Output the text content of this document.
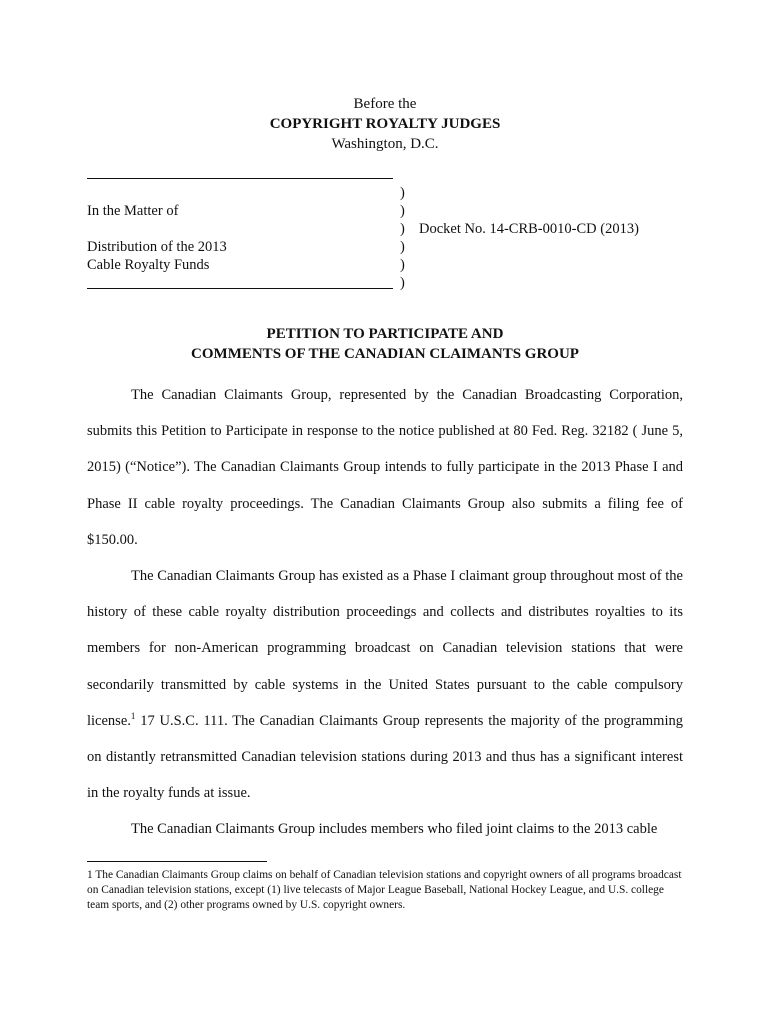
Before the
COPYRIGHT ROYALTY JUDGES
Washington, D.C.
In the Matter of
Distribution of the 2013
Cable Royalty Funds
)
)
)
)
)
)
Docket No. 14-CRB-0010-CD (2013)
PETITION TO PARTICIPATE AND
COMMENTS OF THE CANADIAN CLAIMANTS GROUP

The Canadian Claimants Group, represented by the Canadian Broadcasting Corporation, submits this Petition to Participate in response to the notice published at 80 Fed. Reg. 32182 ( June 5, 2015) (“Notice”). The Canadian Claimants Group intends to fully participate in the 2013 Phase I and Phase II cable royalty proceedings. The Canadian Claimants Group also submits a filing fee of $150.00.

The Canadian Claimants Group has existed as a Phase I claimant group throughout most of the history of these cable royalty distribution proceedings and collects and distributes royalties to its members for non-American programming broadcast on Canadian television stations that were secondarily transmitted by cable systems in the United States pursuant to the cable compulsory license.$^1$ 17 U.S.C. 111. The Canadian Claimants Group represents the majority of the programming on distantly retransmitted Canadian television stations during 2013 and thus has a significant interest in the royalty funds at issue.

The Canadian Claimants Group includes members who filed joint claims to the 2013 cable

1 The Canadian Claimants Group claims on behalf of Canadian television stations and copyright owners of all programs broadcast on Canadian television stations, except (1) live telecasts of Major League Baseball, National Hockey League, and U.S. college team sports, and (2) other programs owned by U.S. copyright owners.
